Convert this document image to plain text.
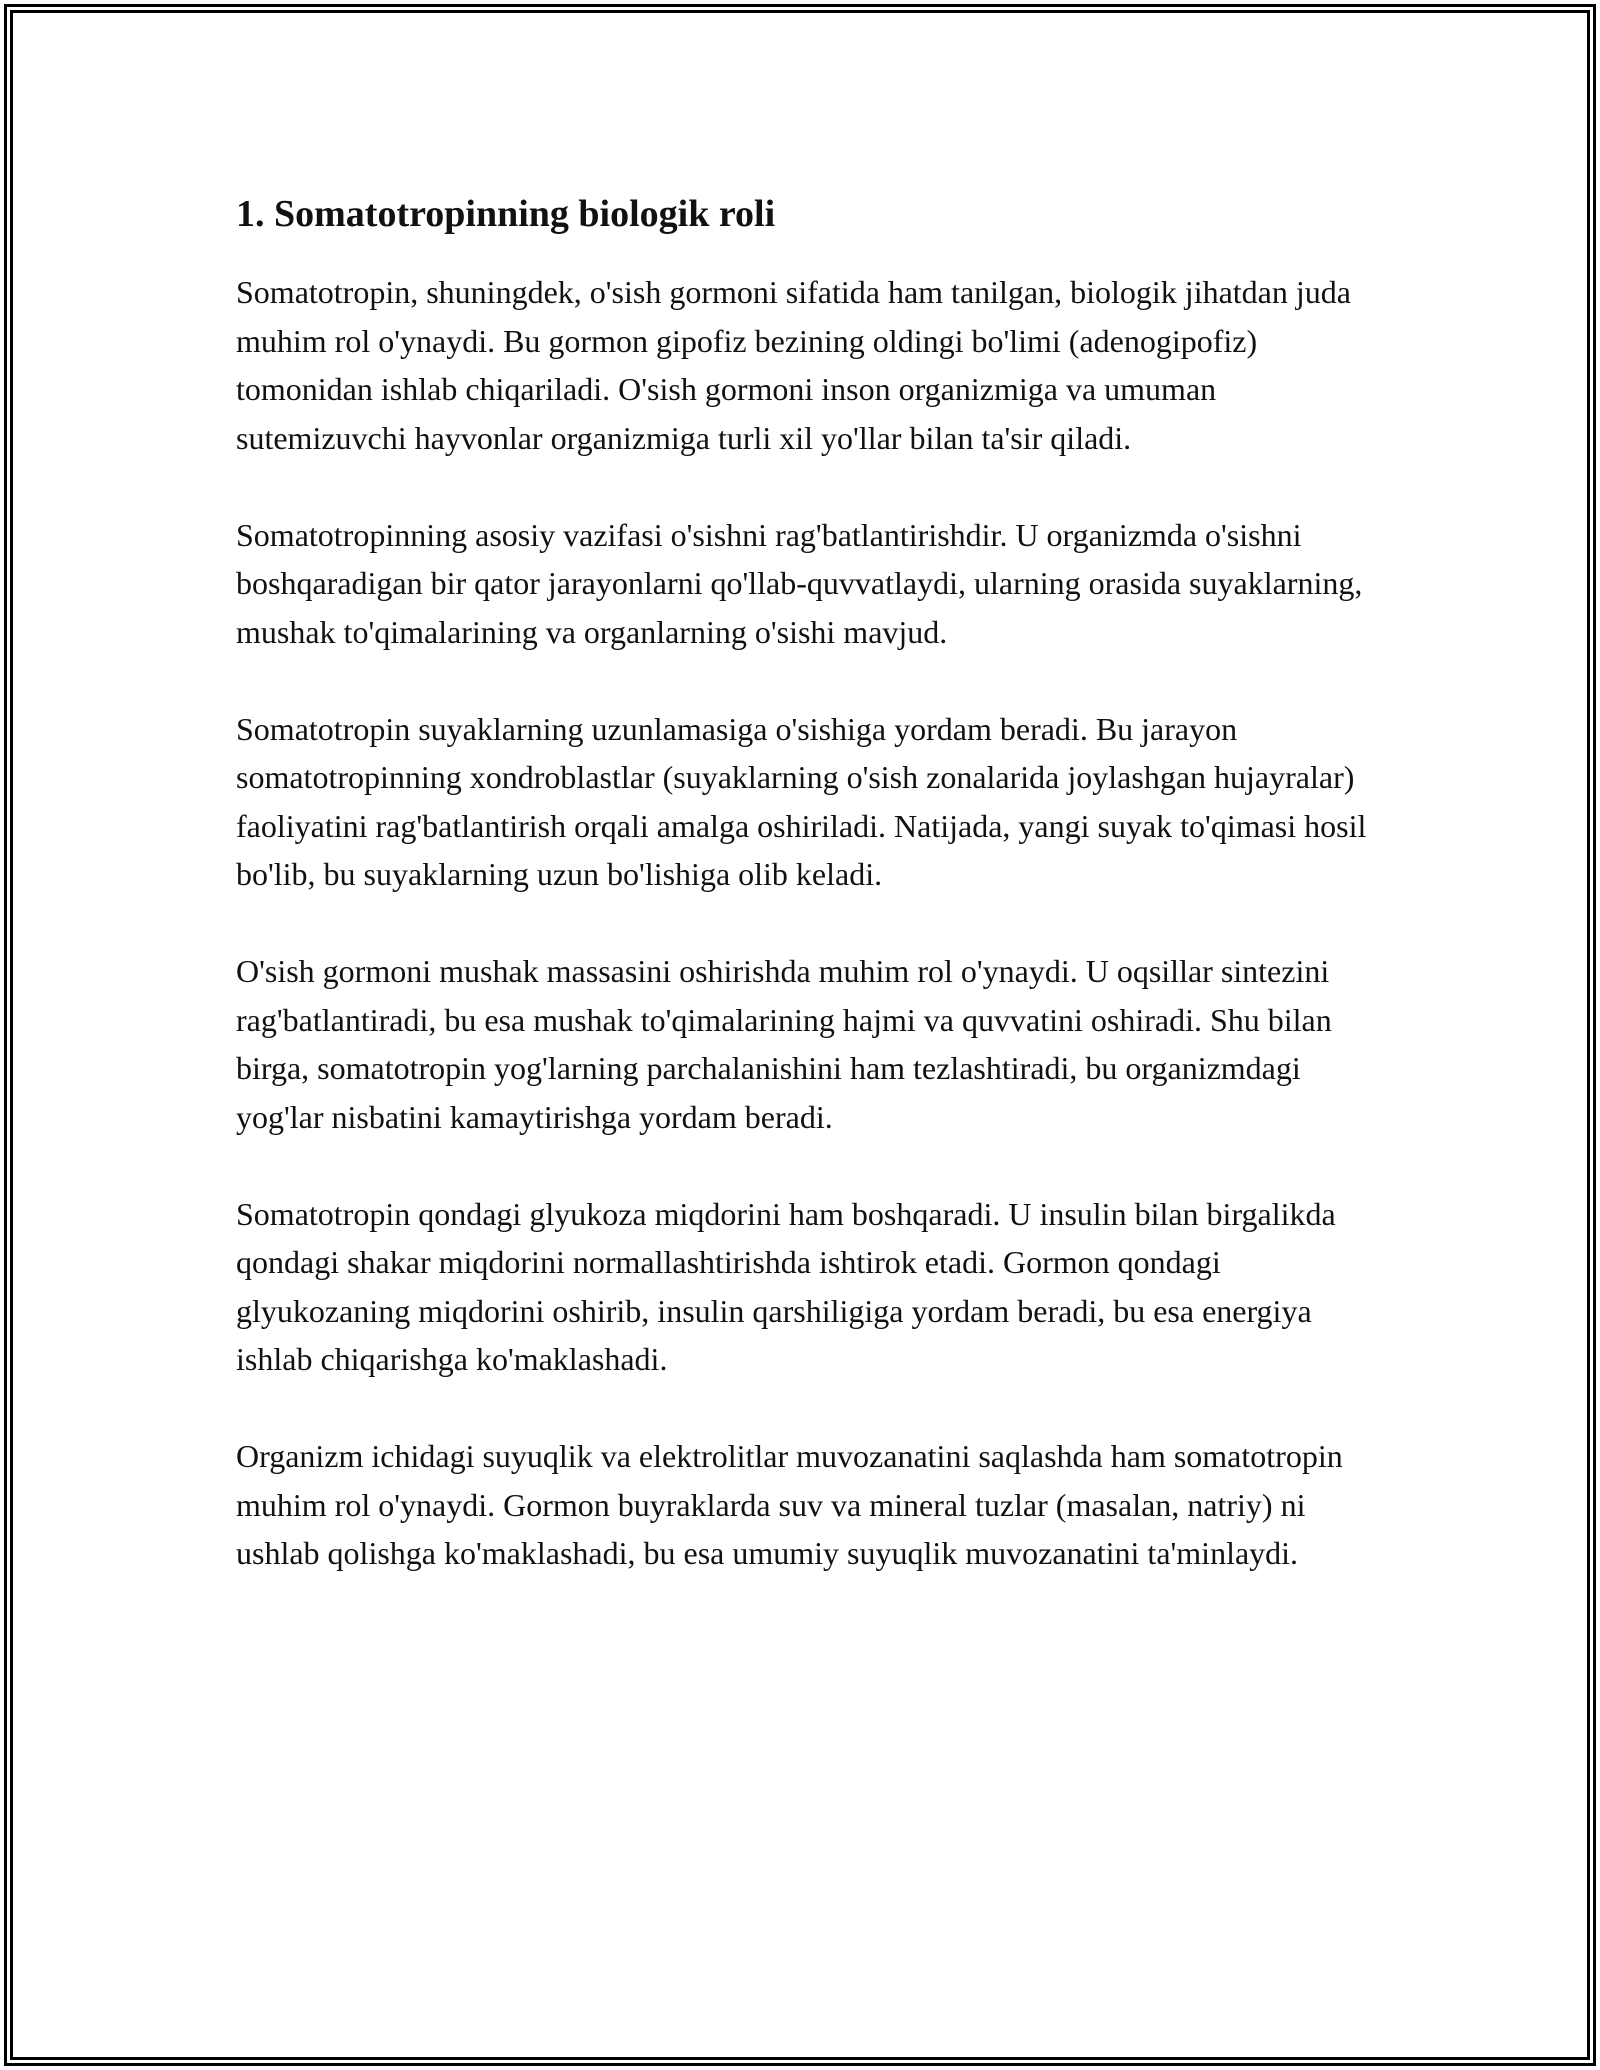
1. Somatotropinning biologik roli

Somatotropin, shuningdek, o'sish gormoni sifatida ham tanilgan, biologik jihatdan juda muhim rol o'ynaydi. Bu gormon gipofiz bezining oldingi bo'limi (adenogipofiz) tomonidan ishlab chiqariladi. O'sish gormoni inson organizmiga va umuman sutemizuvchi hayvonlar organizmiga turli xil yo'llar bilan ta'sir qiladi.

Somatotropinning asosiy vazifasi o'sishni rag'batlantirishdir. U organizmda o'sishni boshqaradigan bir qator jarayonlarni qo'llab-quvvatlaydi, ularning orasida suyaklarning, mushak to'qimalarining va organlarning o'sishi mavjud.

Somatotropin suyaklarning uzunlamasiga o'sishiga yordam beradi. Bu jarayon somatotropinning xondroblastlar (suyaklarning o'sish zonalarida joylashgan hujayralar) faoliyatini rag'batlantirish orqali amalga oshiriladi. Natijada, yangi suyak to'qimasi hosil bo'lib, bu suyaklarning uzun bo'lishiga olib keladi.

O'sish gormoni mushak massasini oshirishda muhim rol o'ynaydi. U oqsillar sintezini rag'batlantiradi, bu esa mushak to'qimalarining hajmi va quvvatini oshiradi. Shu bilan birga, somatotropin yog'larning parchalanishini ham tezlashtiradi, bu organizmdagi yog'lar nisbatini kamaytirishga yordam beradi.

Somatotropin qondagi glyukoza miqdorini ham boshqaradi. U insulin bilan birgalikda qondagi shakar miqdorini normallashtirishda ishtirok etadi. Gormon qondagi glyukozaning miqdorini oshirib, insulin qarshiligiga yordam beradi, bu esa energiya ishlab chiqarishga ko'maklashadi.

Organizm ichidagi suyuqlik va elektrolitlar muvozanatini saqlashda ham somatotropin muhim rol o'ynaydi. Gormon buyraklarda suv va mineral tuzlar (masalan, natriy) ni ushlab qolishga ko'maklashadi, bu esa umumiy suyuqlik muvozanatini ta'minlaydi.
